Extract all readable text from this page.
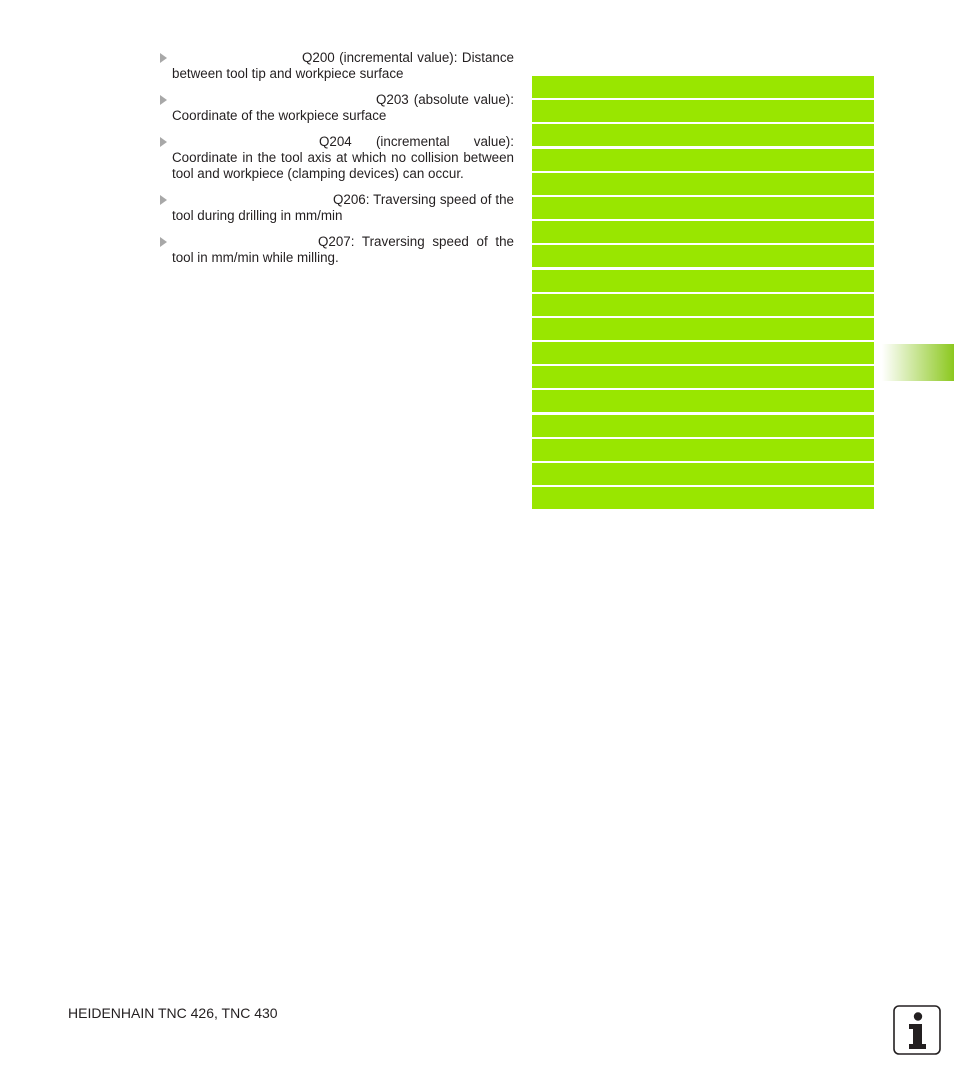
Q200 (incremental value): Distance between tool tip and workpiece surface
Q203 (absolute value): Coordinate of the workpiece surface
Q204 (incremental value): Coordinate in the tool axis at which no collision between tool and workpiece (clamping devices) can occur.
Q206: Traversing speed of the tool during drilling in mm/min
Q207: Traversing speed of the tool in mm/min while milling.
HEIDENHAIN TNC 426, TNC 430
